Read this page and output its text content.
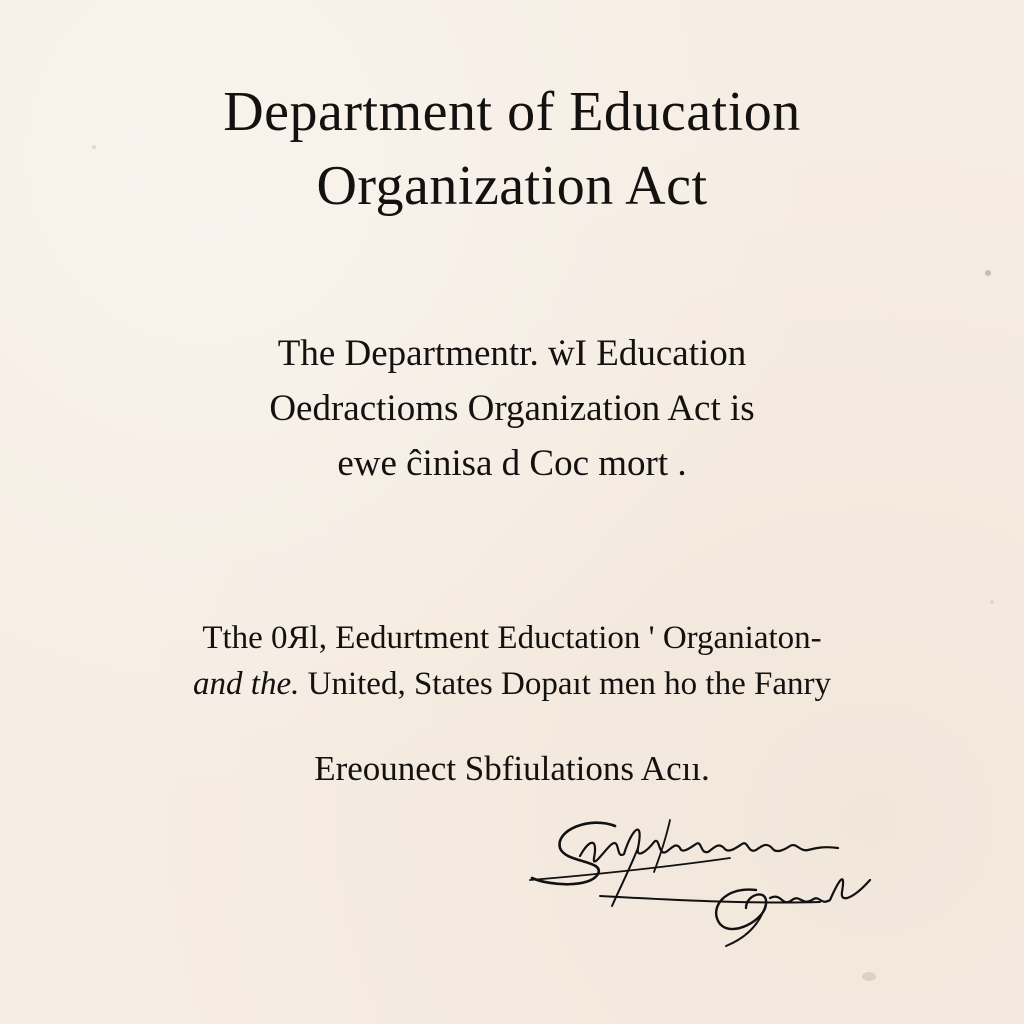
Department of Education
Organization Act

The Departmentr. ẇI Education

Oedractioms Organization Act is

ewe ĉinisa d Coc mort .

Tthe 0Яl, Eedurtment Eductation ' Organiaton-

and the. United, States Dopaıt men ho the Fanry

Ereounect Sbfiulations Acıı.
